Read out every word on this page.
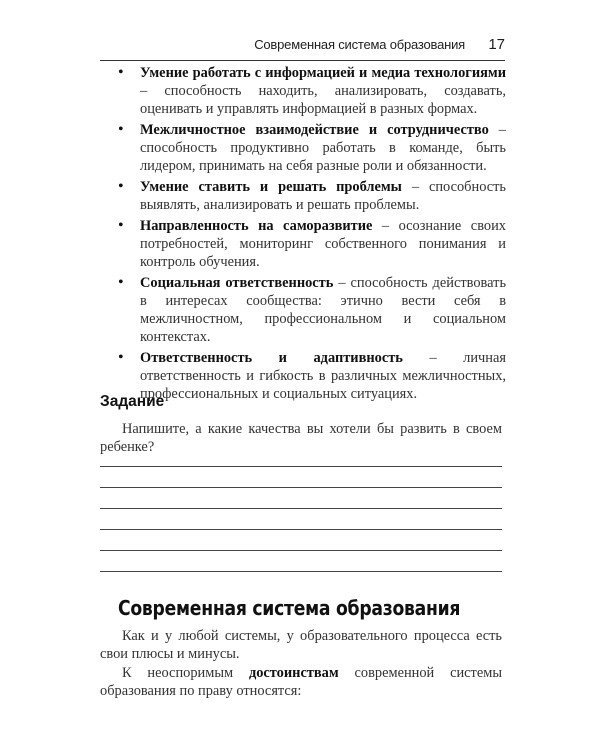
Современная система образования 17
• Умение работать с информацией и медиа технологиями – способность находить, анализировать, создавать, оценивать и управлять информацией в разных формах.
• Межличностное взаимодействие и сотрудничество – способность продуктивно работать в команде, быть лидером, принимать на себя разные роли и обязанности.
• Умение ставить и решать проблемы – способность выявлять, анализировать и решать проблемы.
• Направленность на саморазвитие – осознание своих потребностей, мониторинг собственного понимания и контроль обучения.
• Социальная ответственность – способность действовать в интересах сообщества: этично вести себя в межличностном, профессиональном и социальном контекстах.
• Ответственность и адаптивность – личная ответственность и гибкость в различных межличностных, профессиональных и социальных ситуациях.
Задание
Напишите, а какие качества вы хотели бы развить в своем ребенке?
Современная система образования
Как и у любой системы, у образовательного процесса есть свои плюсы и минусы.
К неоспоримым достоинствам современной системы образования по праву относятся:
